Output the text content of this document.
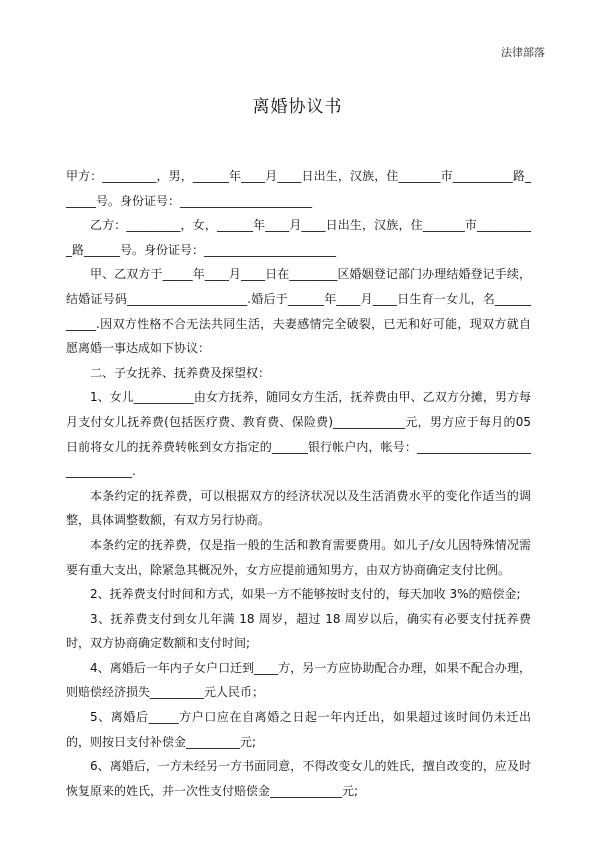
法律部落
离婚协议书

甲方：_________，男，______年____月____日出生，汉族，住_______市__________路______号。身份证号：______________________

乙方：_________，女，______年____月____日出生，汉族，住_______市__________路______号。身份证号：______________________

甲、乙双方于_____年____月____日在________区婚姻登记部门办理结婚登记手续，结婚证号码____________________.婚后于______年____月____日生育一女儿，名___________.因双方性格不合无法共同生活，夫妻感情完全破裂，已无和好可能，现双方就自愿离婚一事达成如下协议：

二、子女抚养、抚养费及探望权：

1、女儿__________由女方抚养，随同女方生活，抚养费由甲、乙双方分摊，男方每月支付女儿抚养费(包括医疗费、教育费、保险费)____________元，男方应于每月的05日前将女儿的抚养费转帐到女方指定的______银行帐户内，帐号：______________________________.

本条约定的抚养费，可以根据双方的经济状况以及生活消费水平的变化作适当的调整，具体调整数额，有双方另行协商。

本条约定的抚养费，仅是指一般的生活和教育需要费用。如儿子/女儿因特殊情况需要有重大支出，除紧急其概况外，女方应提前通知男方，由双方协商确定支付比例。

2、抚养费支付时间和方式，如果一方不能够按时支付的，每天加收 3%的赔偿金;

3、抚养费支付到女儿年满 18 周岁，超过 18 周岁以后，确实有必要支付抚养费时，双方协商确定数额和支付时间;

4、离婚后一年内子女户口迁到____方，另一方应协助配合办理，如果不配合办理，则赔偿经济损失_________元人民币；

5、离婚后_____方户口应在自离婚之日起一年内迁出，如果超过该时间仍未迁出的，则按日支付补偿金_________元;

6、离婚后，一方未经另一方书面同意，不得改变女儿的姓氏，擅自改变的，应及时恢复原来的姓氏，并一次性支付赔偿金____________元;
